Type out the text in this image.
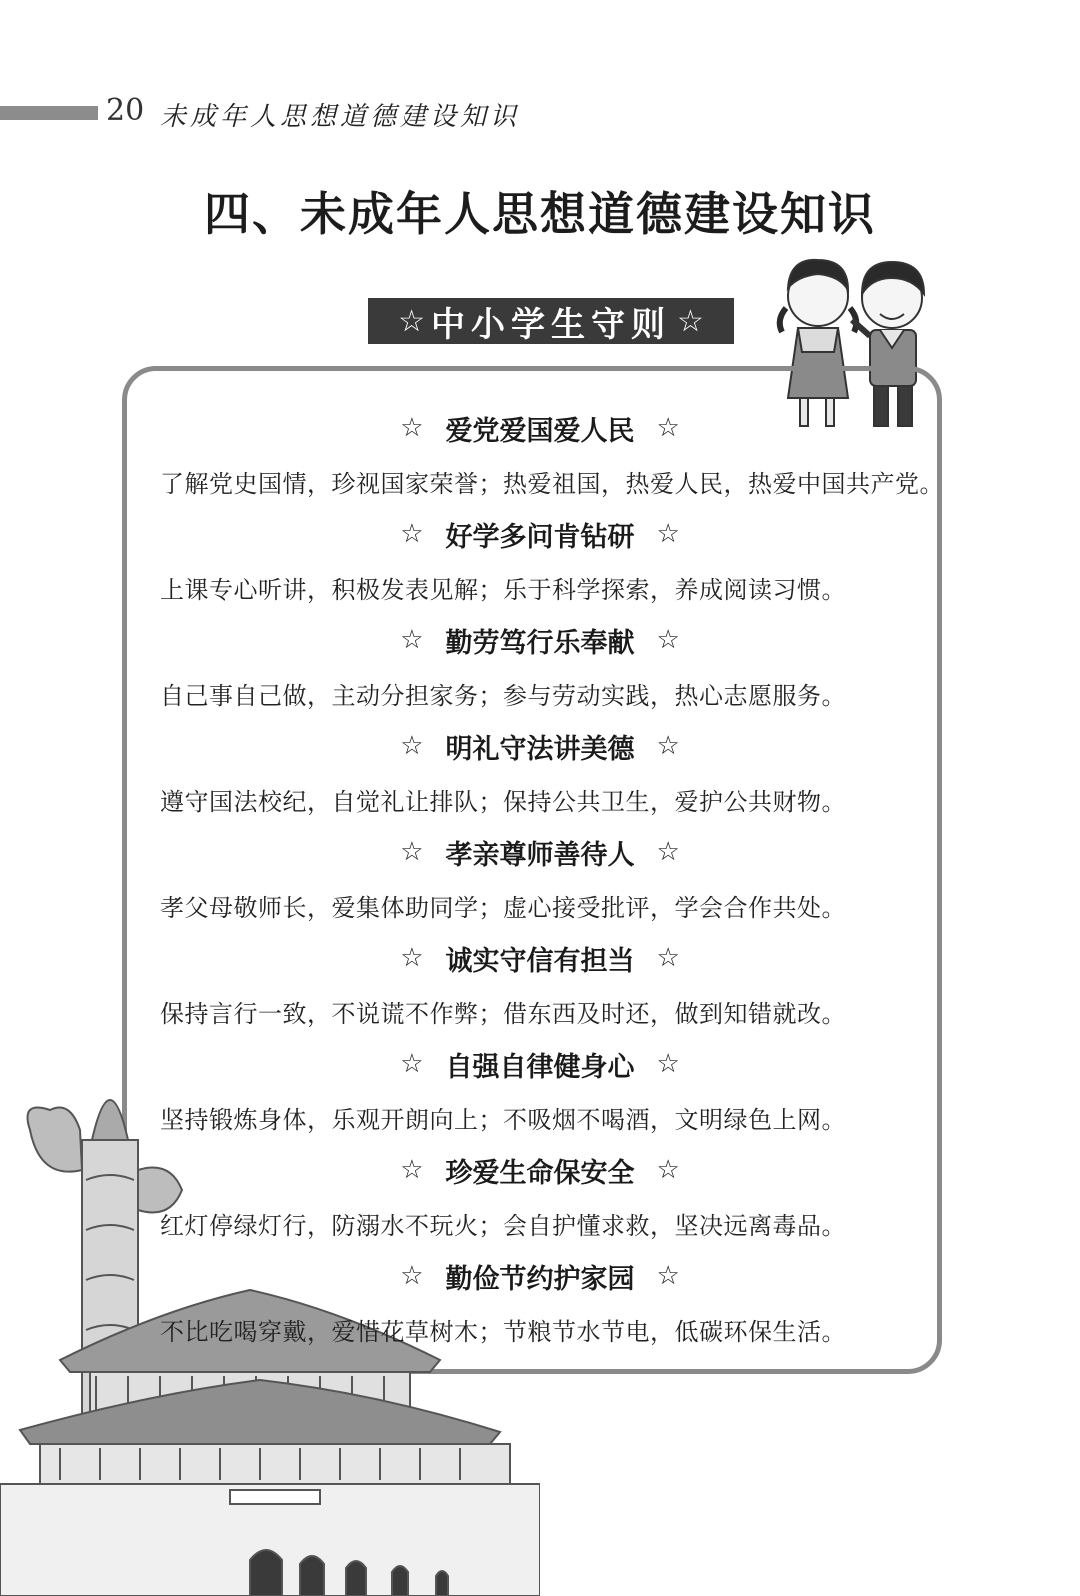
20 未成年人思想道德建设知识
四、未成年人思想道德建设知识
☆ 中小学生守则 ☆
☆ 爱党爱国爱人民 ☆
了解党史国情，珍视国家荣誉；热爱祖国，热爱人民，热爱中国共产党。
☆ 好学多问肯钻研 ☆
上课专心听讲，积极发表见解；乐于科学探索，养成阅读习惯。
☆ 勤劳笃行乐奉献 ☆
自己事自己做，主动分担家务；参与劳动实践，热心志愿服务。
☆ 明礼守法讲美德 ☆
遵守国法校纪，自觉礼让排队；保持公共卫生，爱护公共财物。
☆ 孝亲尊师善待人 ☆
孝父母敬师长，爱集体助同学；虚心接受批评，学会合作共处。
☆ 诚实守信有担当 ☆
保持言行一致，不说谎不作弊；借东西及时还，做到知错就改。
☆ 自强自律健身心 ☆
坚持锻炼身体，乐观开朗向上；不吸烟不喝酒，文明绿色上网。
☆ 珍爱生命保安全 ☆
红灯停绿灯行，防溺水不玩火；会自护懂求救，坚决远离毒品。
☆ 勤俭节约护家园 ☆
不比吃喝穿戴，爱惜花草树木；节粮节水节电，低碳环保生活。
